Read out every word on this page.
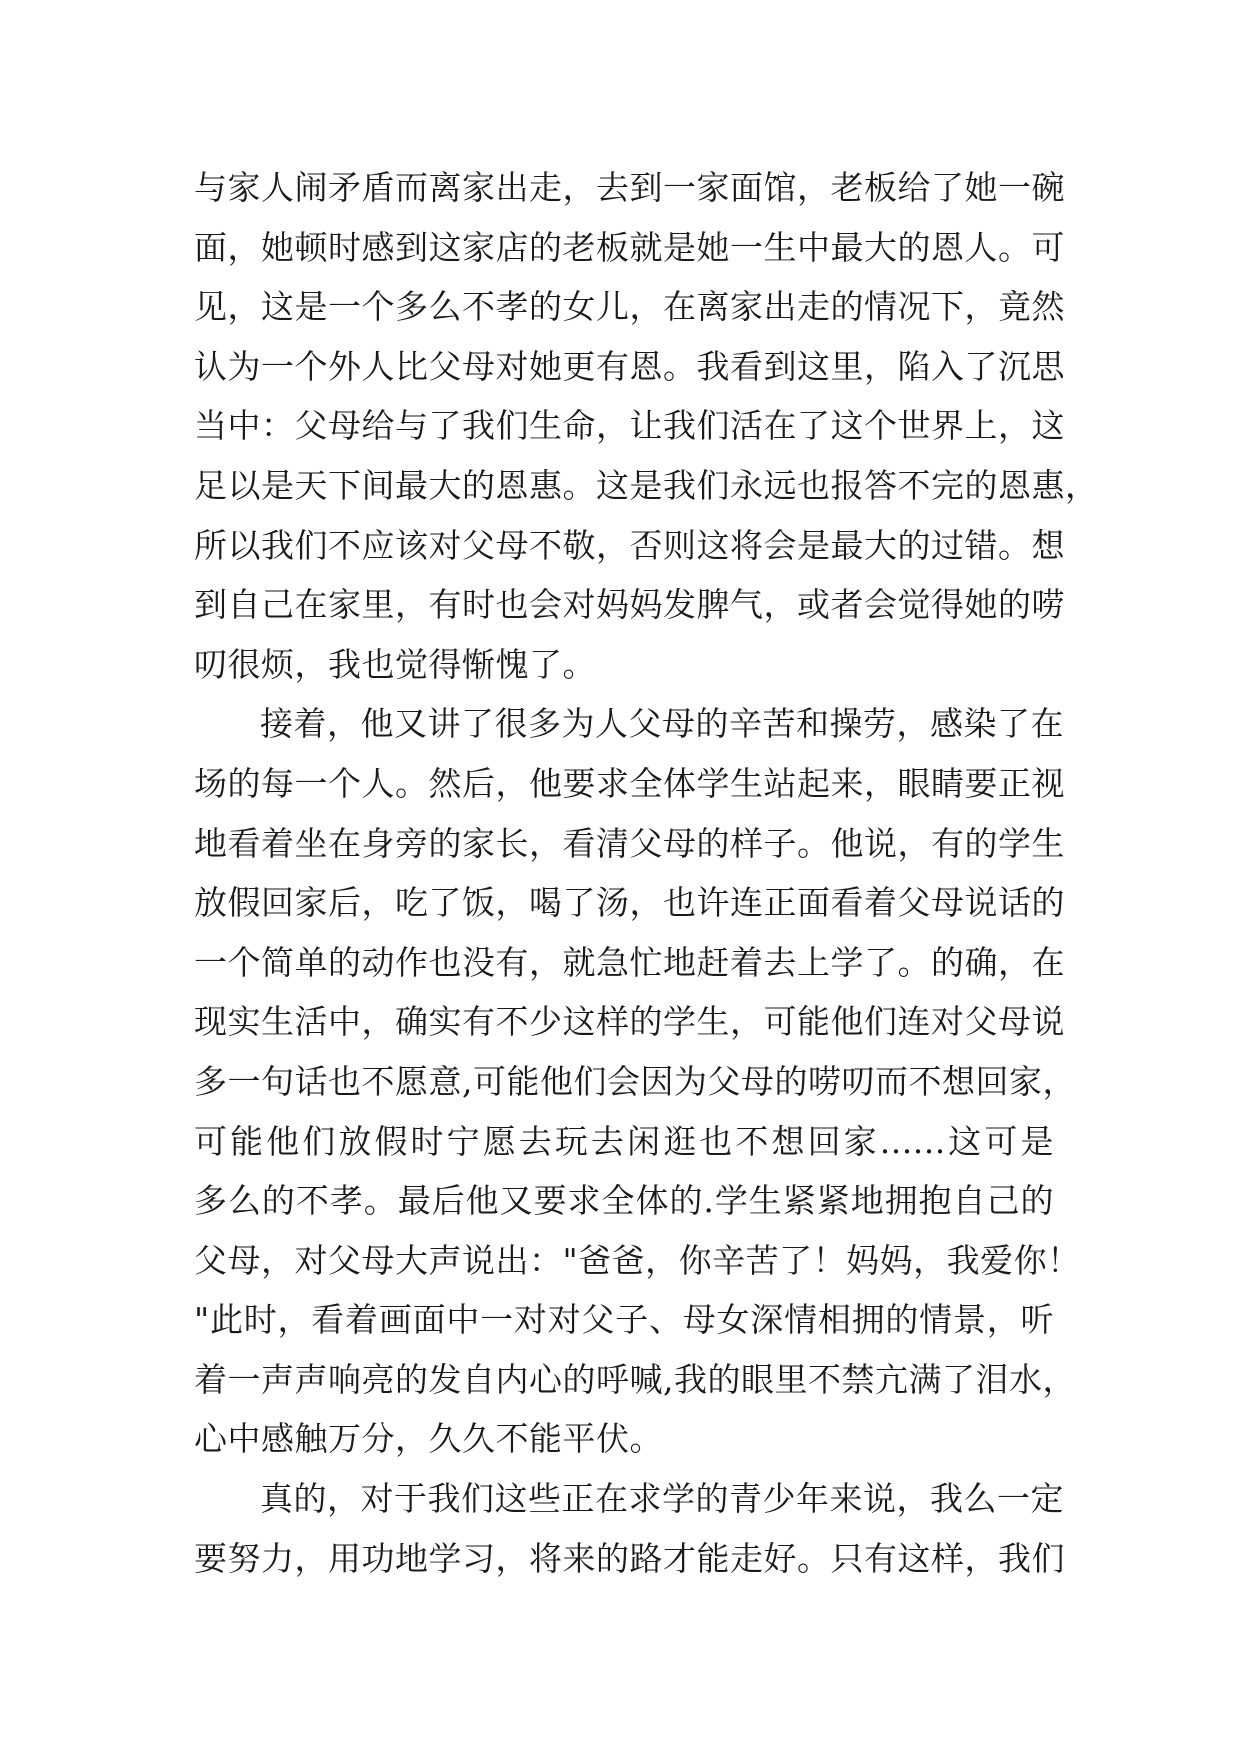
与家人闹矛盾而离家出走，去到一家面馆，老板给了她一碗
面，她顿时感到这家店的老板就是她一生中最大的恩人。可
见，这是一个多么不孝的女儿，在离家出走的情况下，竟然
认为一个外人比父母对她更有恩。我看到这里，陷入了沉思
当中：父母给与了我们生命，让我们活在了这个世界上，这
足以是天下间最大的恩惠。这是我们永远也报答不完的恩惠，
所以我们不应该对父母不敬，否则这将会是最大的过错。想
到自己在家里，有时也会对妈妈发脾气，或者会觉得她的唠
叨很烦，我也觉得惭愧了。
接着，他又讲了很多为人父母的辛苦和操劳，感染了在
场的每一个人。然后，他要求全体学生站起来，眼睛要正视
地看着坐在身旁的家长，看清父母的样子。他说，有的学生
放假回家后，吃了饭，喝了汤，也许连正面看着父母说话的
一个简单的动作也没有，就急忙地赶着去上学了。的确，在
现实生活中，确实有不少这样的学生，可能他们连对父母说
多一句话也不愿意,可能他们会因为父母的唠叨而不想回家，
可能他们放假时宁愿去玩去闲逛也不想回家......这可是
多么的不孝。最后他又要求全体的.学生紧紧地拥抱自己的
父母，对父母大声说出："爸爸，你辛苦了！妈妈，我爱你！
"此时，看着画面中一对对父子、母女深情相拥的情景，听
着一声声响亮的发自内心的呼喊,我的眼里不禁亢满了泪水，
心中感触万分，久久不能平伏。
真的，对于我们这些正在求学的青少年来说，我么一定
要努力，用功地学习，将来的路才能走好。只有这样，我们
